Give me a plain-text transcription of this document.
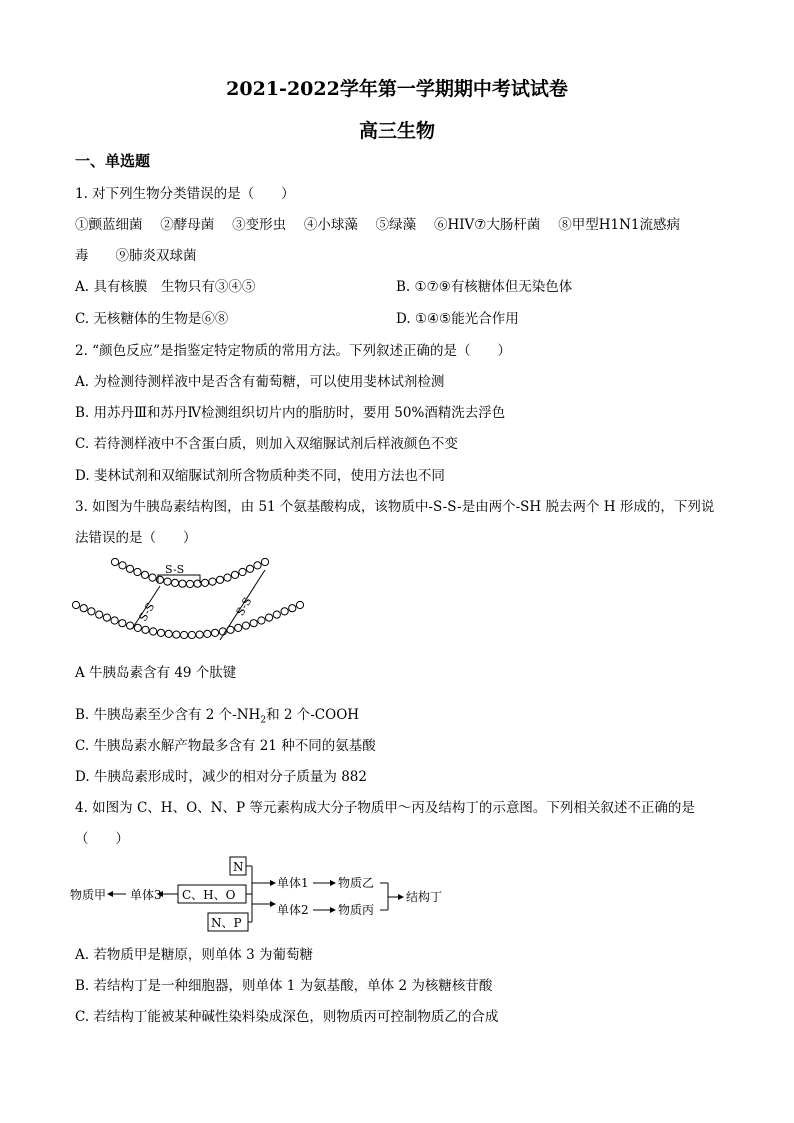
2021-2022学年第一学期期中考试试卷
高三生物
一、单选题
1. 对下列生物分类错误的是（　　）
①颤蓝细菌　 ②酵母菌　 ③变形虫　 ④小球藻　 ⑤绿藻　 ⑥HIV⑦大肠杆菌　 ⑧甲型H1N1流感病
毒　　⑨肺炎双球菌
A. 具有核膜　生物只有③④⑤	B. ①⑦⑨有核糖体但无染色体
C. 无核糖体的生物是⑥⑧	D. ①④⑤能光合作用
2. “颜色反应”是指鉴定特定物质的常用方法。下列叙述正确的是（　　）
A. 为检测待测样液中是否含有葡萄糖，可以使用斐林试剂检测
B. 用苏丹Ⅲ和苏丹Ⅳ检测组织切片内的脂肪时，要用 50%酒精洗去浮色
C. 若待测样液中不含蛋白质，则加入双缩脲试剂后样液颜色不变
D. 斐林试剂和双缩脲试剂所含物质种类不同，使用方法也不同
3. 如图为牛胰岛素结构图，由 51 个氨基酸构成，该物质中-S-S-是由两个-SH 脱去两个 H 形成的，下列说
法错误的是（　　）
S-S
S-S	S-S
A 牛胰岛素含有 49 个肽键
B. 牛胰岛素至少含有 2 个$-NH_2$和 2 个-COOH
C. 牛胰岛素水解产物最多含有 21 种不同的氨基酸
D. 牛胰岛素形成时，减少的相对分子质量为 882
4. 如图为 C、H、O、N、P 等元素构成大分子物质甲～丙及结构丁的示意图。下列相关叙述不正确的是
（　　）
N
C、H、O
N、P
物质甲 单体3
单体1
单体2
物质乙
物质丙
结构丁
A. 若物质甲是糖原，则单体 3 为葡萄糖
B. 若结构丁是一种细胞器，则单体 1 为氨基酸，单体 2 为核糖核苷酸
C. 若结构丁能被某种碱性染料染成深色，则物质丙可控制物质乙的合成
